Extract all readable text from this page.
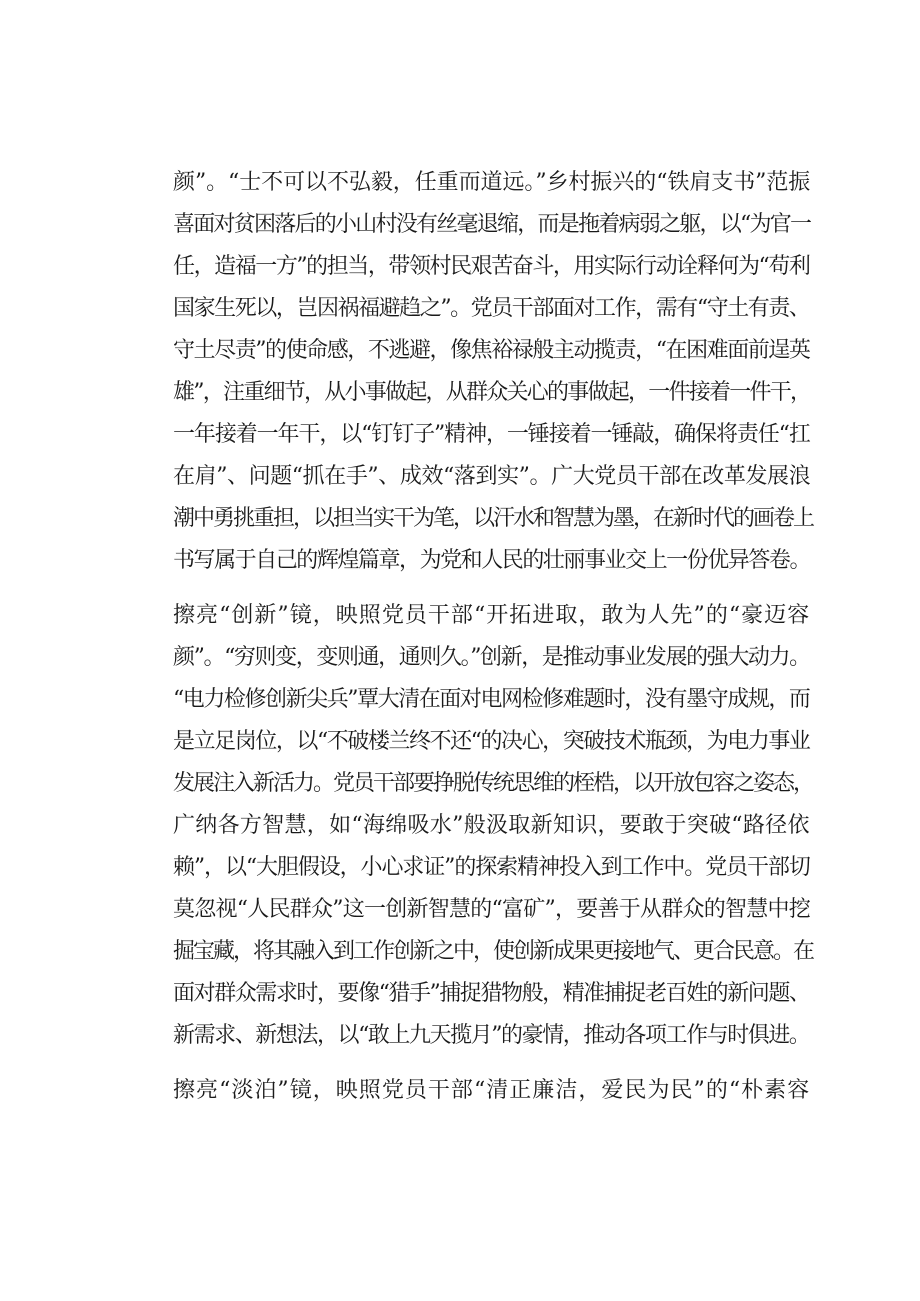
颜”。“士不可以不弘毅，任重而道远。”乡村振兴的“铁肩支书”范振
喜面对贫困落后的小山村没有丝毫退缩，而是拖着病弱之躯，以“为官一
任，造福一方”的担当，带领村民艰苦奋斗，用实际行动诠释何为“苟利
国家生死以，岂因祸福避趋之”。党员干部面对工作，需有“守土有责、
守土尽责”的使命感，不逃避，像焦裕禄般主动揽责，“在困难面前逞英
雄”，注重细节，从小事做起，从群众关心的事做起，一件接着一件干，
一年接着一年干，以“钉钉子”精神，一锤接着一锤敲，确保将责任“扛
在肩”、问题“抓在手”、成效“落到实”。广大党员干部在改革发展浪
潮中勇挑重担，以担当实干为笔，以汗水和智慧为墨，在新时代的画卷上
书写属于自己的辉煌篇章，为党和人民的壮丽事业交上一份优异答卷。
擦亮“创新”镜，映照党员干部“开拓进取，敢为人先”的“豪迈容
颜”。“穷则变，变则通，通则久。”创新，是推动事业发展的强大动力。
“电力检修创新尖兵”覃大清在面对电网检修难题时，没有墨守成规，而
是立足岗位，以“不破楼兰终不还“的决心，突破技术瓶颈，为电力事业
发展注入新活力。党员干部要挣脱传统思维的桎梏，以开放包容之姿态，
广纳各方智慧，如“海绵吸水”般汲取新知识，要敢于突破“路径依
赖”，以“大胆假设，小心求证”的探索精神投入到工作中。党员干部切
莫忽视“人民群众”这一创新智慧的“富矿”，要善于从群众的智慧中挖
掘宝藏，将其融入到工作创新之中，使创新成果更接地气、更合民意。在
面对群众需求时，要像“猎手”捕捉猎物般，精准捕捉老百姓的新问题、
新需求、新想法，以“敢上九天揽月”的豪情，推动各项工作与时俱进。
擦亮“淡泊”镜，映照党员干部“清正廉洁，爱民为民”的“朴素容
